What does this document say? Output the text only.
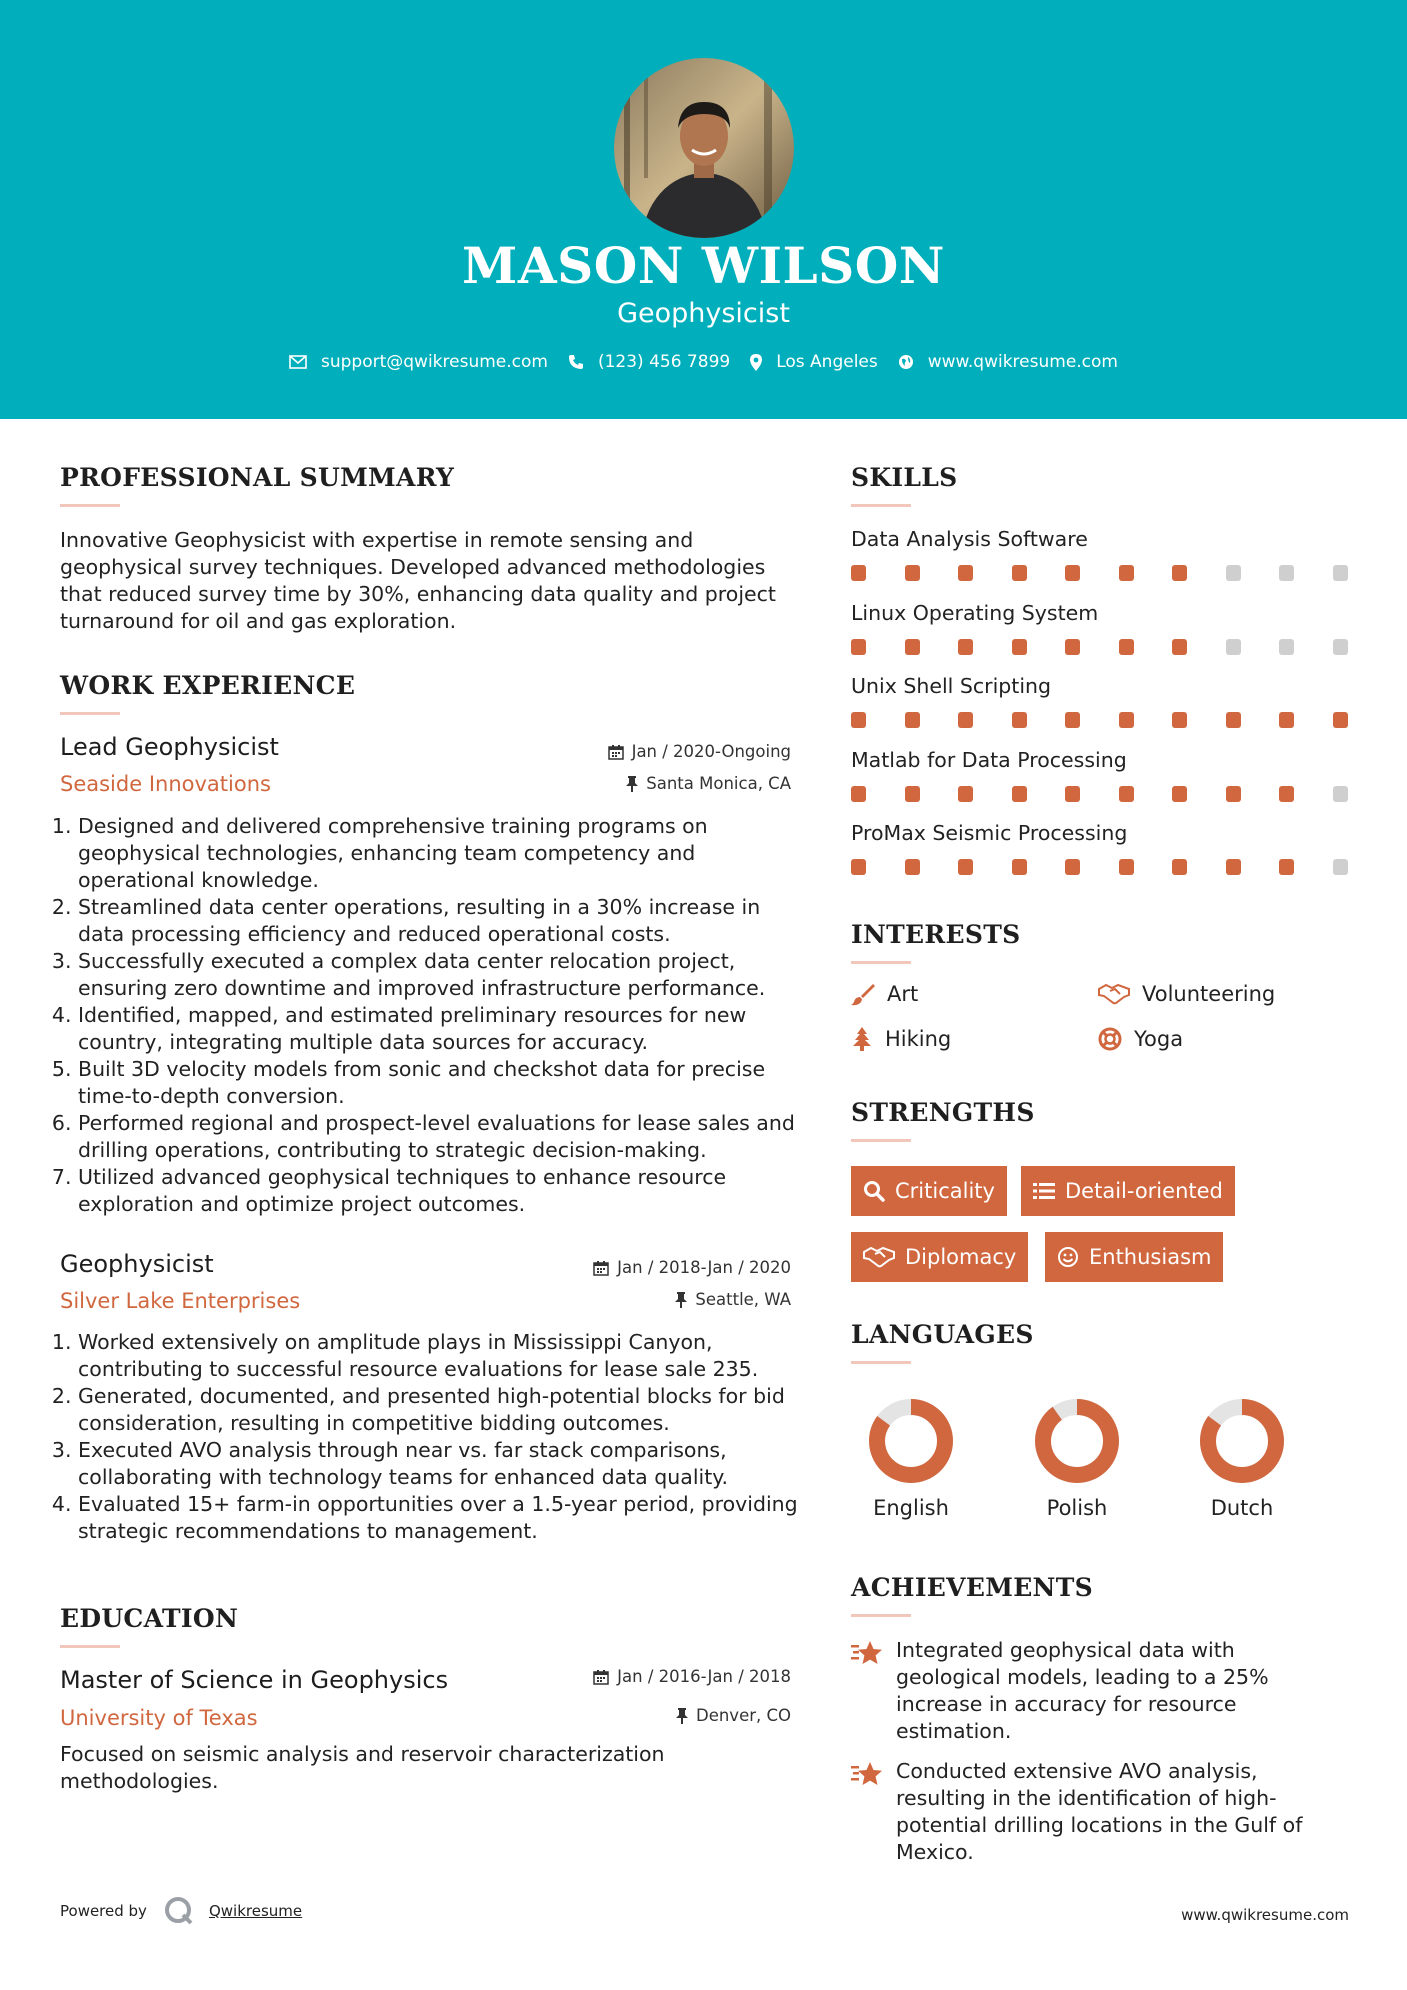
MASON WILSON
Geophysicist
support@qwikresume.com	(123) 456 7899	Los Angeles	www.qwikresume.com
PROFESSIONAL SUMMARY
Innovative Geophysicist with expertise in remote sensing and geophysical survey techniques. Developed advanced methodologies that reduced survey time by 30%, enhancing data quality and project turnaround for oil and gas exploration.
WORK EXPERIENCE
Lead Geophysicist
Seaside Innovations
Jan / 2020-Ongoing
Santa Monica, CA
1. Designed and delivered comprehensive training programs on geophysical technologies, enhancing team competency and operational knowledge.
2. Streamlined data center operations, resulting in a 30% increase in data processing efficiency and reduced operational costs.
3. Successfully executed a complex data center relocation project, ensuring zero downtime and improved infrastructure performance.
4. Identified, mapped, and estimated preliminary resources for new country, integrating multiple data sources for accuracy.
5. Built 3D velocity models from sonic and checkshot data for precise time-to-depth conversion.
6. Performed regional and prospect-level evaluations for lease sales and drilling operations, contributing to strategic decision-making.
7. Utilized advanced geophysical techniques to enhance resource exploration and optimize project outcomes.
Geophysicist
Silver Lake Enterprises
Jan / 2018-Jan / 2020
Seattle, WA
1. Worked extensively on amplitude plays in Mississippi Canyon, contributing to successful resource evaluations for lease sale 235.
2. Generated, documented, and presented high-potential blocks for bid consideration, resulting in competitive bidding outcomes.
3. Executed AVO analysis through near vs. far stack comparisons, collaborating with technology teams for enhanced data quality.
4. Evaluated 15+ farm-in opportunities over a 1.5-year period, providing strategic recommendations to management.
EDUCATION
Master of Science in Geophysics
University of Texas
Jan / 2016-Jan / 2018
Denver, CO
Focused on seismic analysis and reservoir characterization methodologies.
SKILLS
Data Analysis Software
Linux Operating System
Unix Shell Scripting
Matlab for Data Processing
ProMax Seismic Processing
INTERESTS
Art	Volunteering
Hiking	Yoga
STRENGTHS
Criticality	Detail-oriented
Diplomacy	Enthusiasm
LANGUAGES
English	Polish	Dutch
ACHIEVEMENTS
Integrated geophysical data with geological models, leading to a 25% increase in accuracy for resource estimation.
Conducted extensive AVO analysis, resulting in the identification of high-potential drilling locations in the Gulf of Mexico.
Powered by	Qwikresume	www.qwikresume.com
